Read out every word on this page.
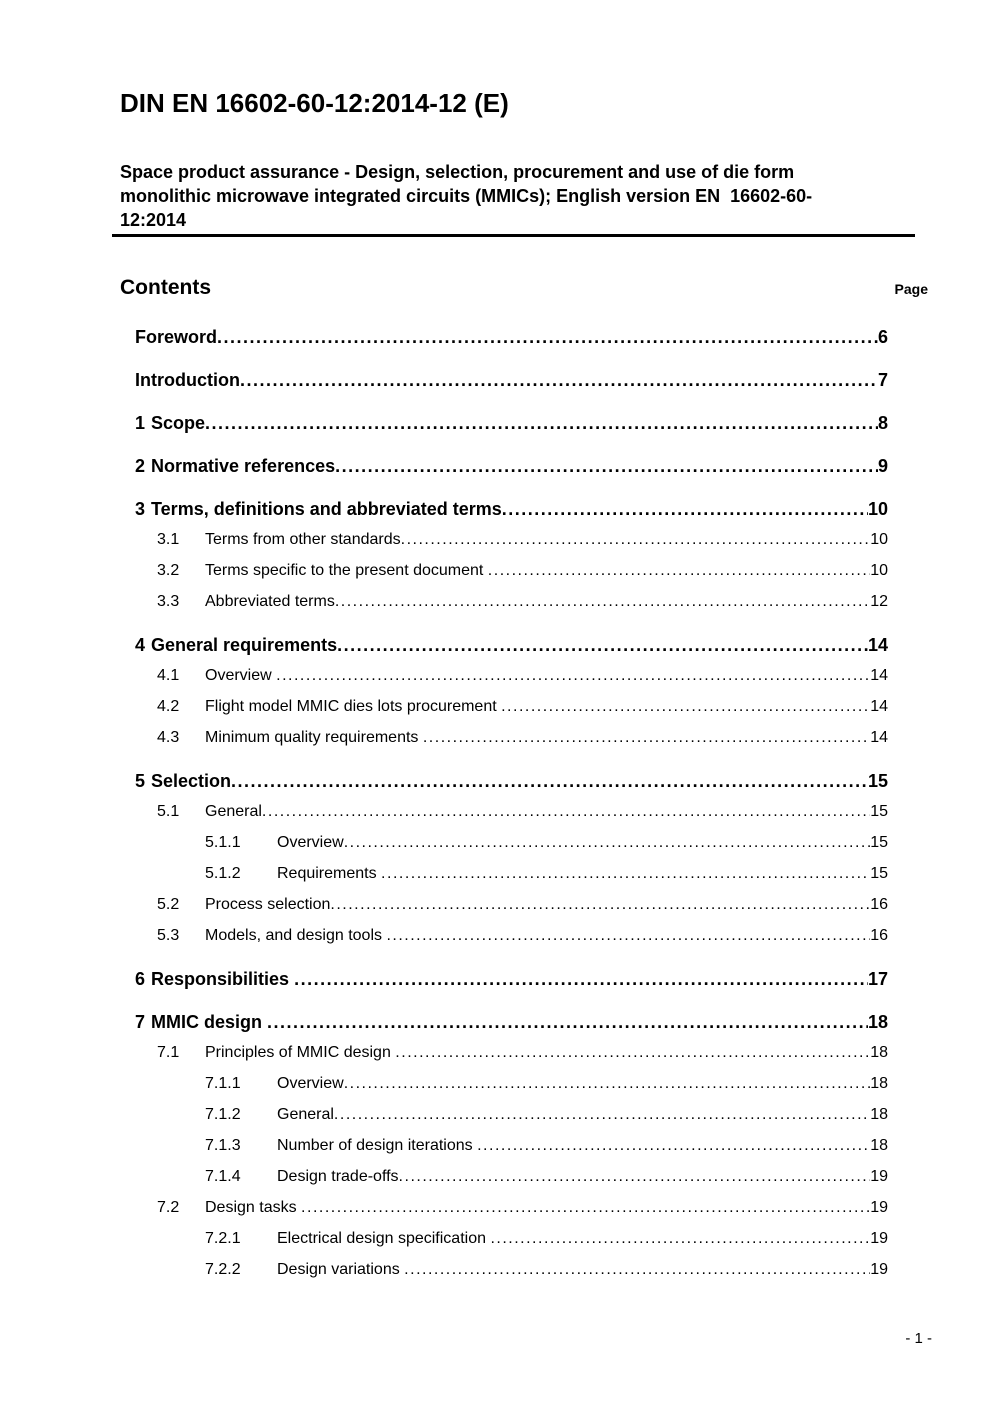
DIN EN 16602-60-12:2014-12 (E)
Space product assurance - Design, selection, procurement and use of die form
monolithic microwave integrated circuits (MMICs); English version EN  16602-60-
12:2014
Contents	Page
Foreword .....	6
Introduction .....	7
1 Scope .....	8
2 Normative references .....	9
3 Terms, definitions and abbreviated terms .....	10
3.1	Terms from other standards .....	10
3.2	Terms specific to the present document .....	10
3.3	Abbreviated terms .....	12
4 General requirements .....	14
4.1	Overview .....	14
4.2	Flight model MMIC dies lots procurement .....	14
4.3	Minimum quality requirements .....	14
5 Selection .....	15
5.1	General .....	15
5.1.1	Overview .....	15
5.1.2	Requirements .....	15
5.2	Process selection .....	16
5.3	Models, and design tools .....	16
6 Responsibilities .....	17
7 MMIC design .....	18
7.1	Principles of MMIC design .....	18
7.1.1	Overview .....	18
7.1.2	General .....	18
7.1.3	Number of design iterations .....	18
7.1.4	Design trade-offs .....	19
7.2	Design tasks .....	19
7.2.1	Electrical design specification .....	19
7.2.2	Design variations .....	19
- 1 -
